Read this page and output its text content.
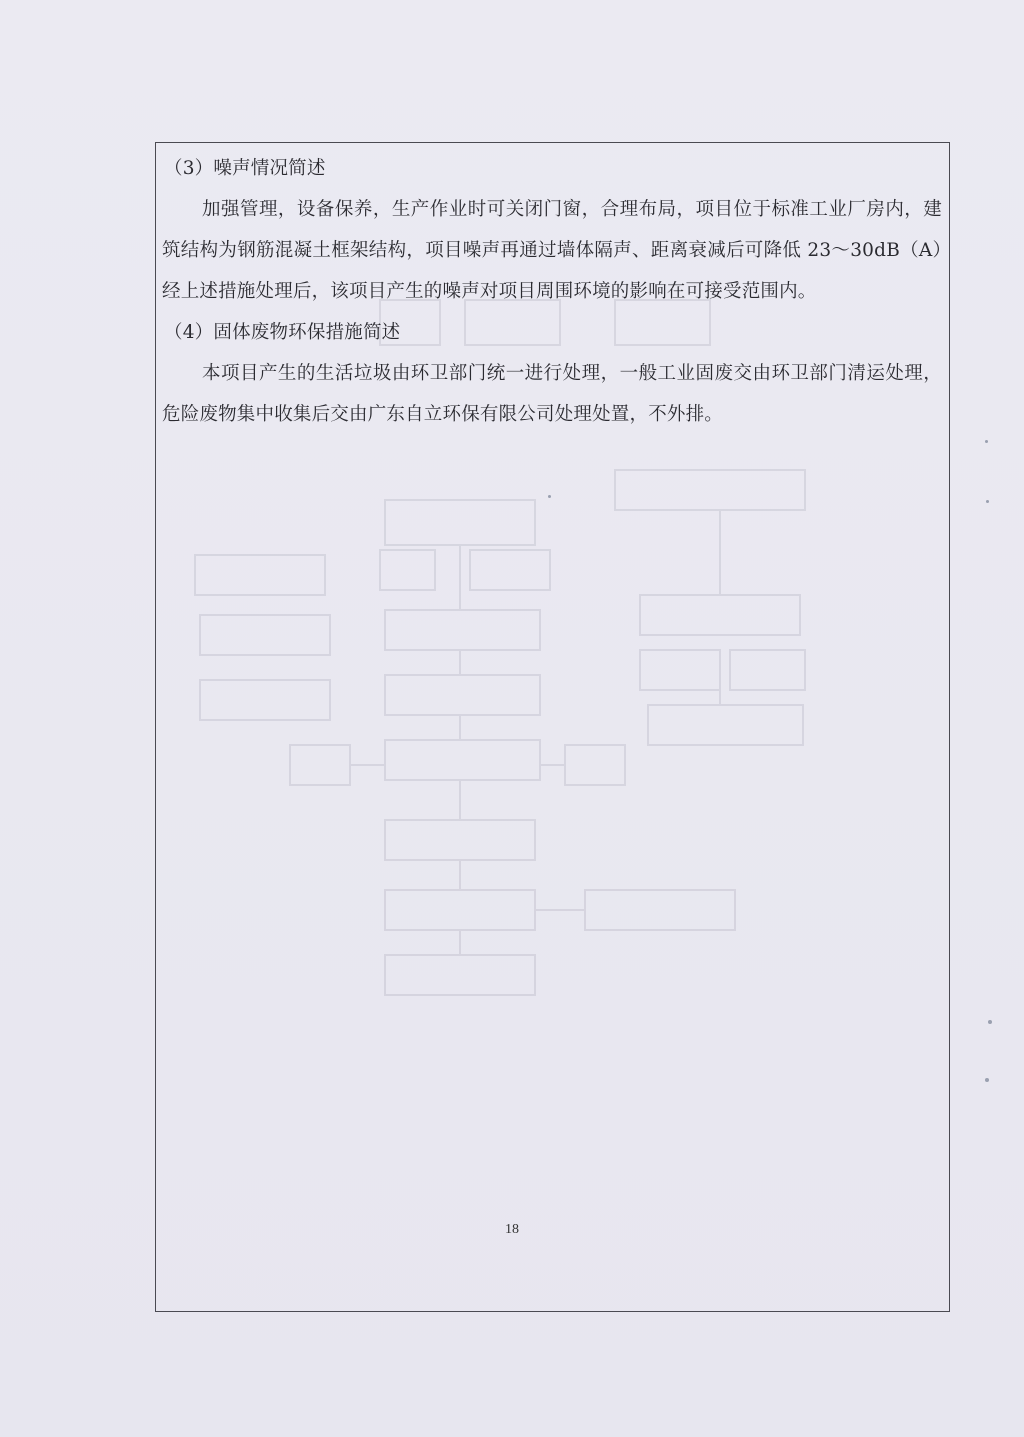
（3）噪声情况简述

加强管理，设备保养，生产作业时可关闭门窗，合理布局，项目位于标准工业厂房内，建筑结构为钢筋混凝土框架结构，项目噪声再通过墙体隔声、距离衰减后可降低 23～30dB（A）经上述措施处理后，该项目产生的噪声对项目周围环境的影响在可接受范围内。

（4）固体废物环保措施简述

本项目产生的生活垃圾由环卫部门统一进行处理，一般工业固废交由环卫部门清运处理，危险废物集中收集后交由广东自立环保有限公司处理处置，不外排。

18
